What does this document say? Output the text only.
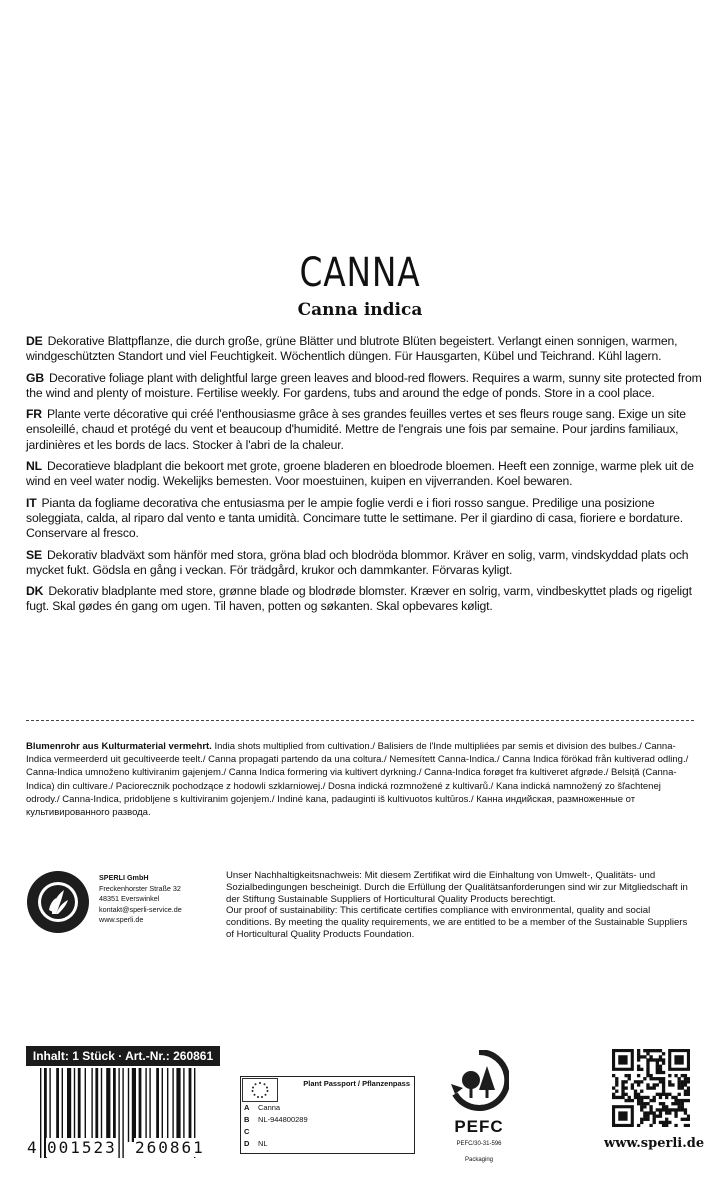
CANNA
Canna indica

DE Dekorative Blattpflanze, die durch große, grüne Blätter und blutrote Blüten begeistert. Verlangt einen sonnigen, warmen, windgeschützten Standort und viel Feuchtigkeit. Wöchentlich düngen. Für Hausgarten, Kübel und Teichrand. Kühl lagern.

GB Decorative foliage plant with delightful large green leaves and blood-red flowers. Requires a warm, sunny site protected from the wind and plenty of moisture. Fertilise weekly. For gardens, tubs and around the edge of ponds. Store in a cool place.

FR Plante verte décorative qui créé l'enthousiasme grâce à ses grandes feuilles vertes et ses fleurs rouge sang. Exige un site ensoleillé, chaud et protégé du vent et beaucoup d'humidité. Mettre de l'engrais une fois par semaine. Pour jardins familiaux, jardinières et les bords de lacs. Stocker à l'abri de la chaleur.

NL Decoratieve bladplant die bekoort met grote, groene bladeren en bloedrode bloemen. Heeft een zonnige, warme plek uit de wind en veel water nodig. Wekelijks bemesten. Voor moestuinen, kuipen en vijverranden. Koel bewaren.

IT Pianta da fogliame decorativa che entusiasma per le ampie foglie verdi e i fiori rosso sangue. Predilige una posizione soleggiata, calda, al riparo dal vento e tanta umidità. Concimare tutte le settimane. Per il giardino di casa, fioriere e bordature. Conservare al fresco.

SE Dekorativ bladväxt som hänför med stora, gröna blad och blodröda blommor. Kräver en solig, varm, vindskyddad plats och mycket fukt. Gödsla en gång i veckan. För trädgård, krukor och dammkanter. Förvaras kyligt.

DK Dekorativ bladplante med store, grønne blade og blodrøde blomster. Kræver en solrig, varm, vindbeskyttet plads og rigeligt fugt. Skal gødes én gang om ugen. Til haven, potten og søkanten. Skal opbevares køligt.

Blumenrohr aus Kulturmaterial vermehrt. India shots multiplied from cultivation./ Balisiers de l'Inde multipliées par semis et division des bulbes./ Canna-Indica vermeerderd uit gecultiveerde teelt./ Canna propagati partendo da una coltura./ Nemesített Canna-Indica./ Canna Indica förökad från kultiverad odling./ Canna-Indica umnoženo kultiviranim gajenjem./ Canna Indica formering via kultivert dyrkning./ Canna-Indica forøget fra kultiveret afgrøde./ Belsiță (Canna-Indica) din cultivare./ Paciorecznik pochodzące z hodowli szklarniowej./ Dosna indická rozmnožené z kultivarů./ Kana indická namnožený zo šľachtenej odrody./ Canna-Indica, pridobljene s kultiviranim gojenjem./ Indinė kana, padauginti iš kultivuotos kultūros./ Канна индийская, размноженные от культивированного развода.
SPERLI GmbH
Freckenhorster Straße 32
48351 Everswinkel
kontakt@sperli-service.de
www.sperli.de

Unser Nachhaltigkeitsnachweis: Mit diesem Zertifikat wird die Einhaltung von Umwelt-, Qualitäts- und Sozialbedingungen bescheinigt. Durch die Erfüllung der Qualitätsanforderungen sind wir zur Mitgliedschaft in der Stiftung Sustainable Suppliers of Horticultural Quality Products berechtigt.

Our proof of sustainability: This certificate certifies compliance with environmental, quality and social conditions. By meeting the quality requirements, we are entitled to be a member of the Sustainable Suppliers of Horticultural Quality Products Foundation.

Inhalt: 1 Stück · Art.-Nr.: 260861
4 001523 260861
Plant Passport / Pflanzenpass
A Canna
B NL-944800289
C
D NL
PEFC
PEFC/30-31-596
Packaging
www.sperli.de
